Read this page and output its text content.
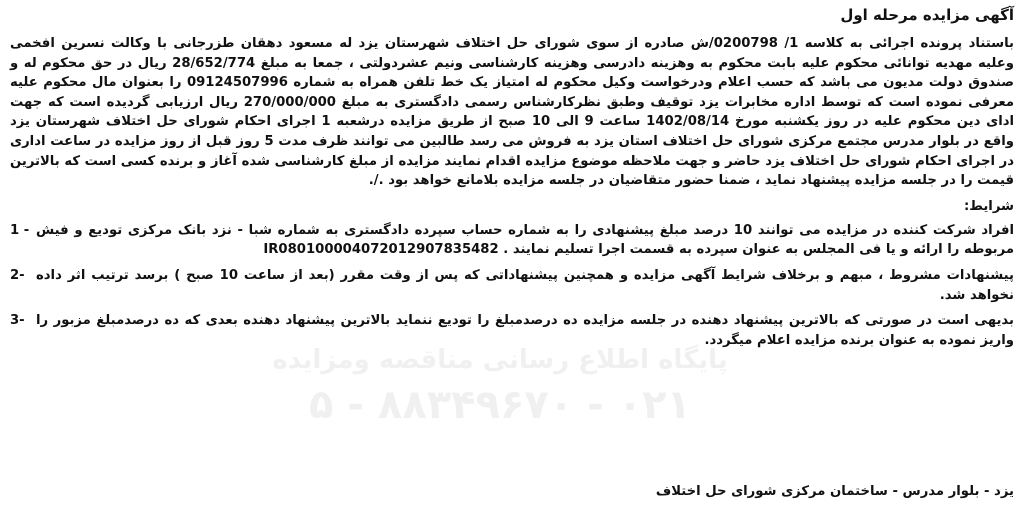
آگهی مزایده مرحله اول
باستناد پرونده اجرائی به کلاسه 1/ 0200798/ش صادره از سوی شورای حل اختلاف شهرستان یزد له مسعود دهقان طزرجانی با وکالت نسرین افخمی وعلیه مهدیه توانائی محکوم علیه بابت محکوم به وهزینه دادرسی وهزینه کارشناسی ونیم عشردولتی ، جمعا به مبلغ 28/652/774 ریال در حق محکوم له و صندوق دولت مدیون می باشد که حسب اعلام ودرخواست وکیل محکوم له امتیاز یک خط تلفن همراه به شماره 09124507996 را بعنوان مال محکوم علیه معرفی نموده است که توسط اداره مخابرات یزد توقیف وطبق نظرکارشناس رسمی دادگستری به مبلغ 270/000/000 ریال ارزیابی گردیده است که جهت ادای دین محکوم علیه در روز یکشنبه مورخ 1402/08/14 ساعت 9 الی 10 صبح از طریق مزایده درشعبه 1 اجرای احکام شورای حل اختلاف شهرستان یزد واقع در بلوار مدرس مجتمع مرکزی شورای حل اختلاف استان یزد به فروش می رسد طالبین می توانند ظرف مدت 5 روز قبل از روز مزایده در ساعت اداری در اجرای احکام شورای حل اختلاف یزد حاضر و جهت ملاحظه موضوع مزایده اقدام نمایند مزایده از مبلغ کارشناسی شده آغاز و برنده کسی است که بالاترین قیمت را در جلسه مزایده پیشنهاد نماید ، ضمنا حضور متقاضیان در جلسه مزایده بلامانع خواهد بود ./.
شرایط:
افراد شرکت کننده در مزایده می توانند 10 درصد مبلغ پیشنهادی را به شماره حساب سپرده دادگستری به شماره شبا - نزد بانک مرکزی تودیع و فیش مربوطه را ارائه و یا فی المجلس به عنوان سپرده به قسمت اجرا تسلیم نمایند . IR080100004072012907835482
1 -
پیشنهادات مشروط ، مبهم و برخلاف شرایط آگهی مزایده و همچنین پیشنهاداتی که پس از وقت مقرر (بعد از ساعت 10 صبح ) برسد ترتیب اثر داده نخواهد شد.
2-
بدیهی است در صورتی که بالاترین پیشنهاد دهنده در جلسه مزایده ده درصدمبلغ را تودیع ننماید بالاترین پیشنهاد دهنده بعدی که ده درصدمبلغ مزبور را واریز نموده به عنوان برنده مزایده اعلام میگردد.
3-
یزد - بلوار مدرس - ساختمان مرکزی شورای حل اختلاف
پایگاه اطلاع رسانی مناقصه ومزایده
۰۲۱ - ۸۸۳۴۹۶۷۰ - ۵
